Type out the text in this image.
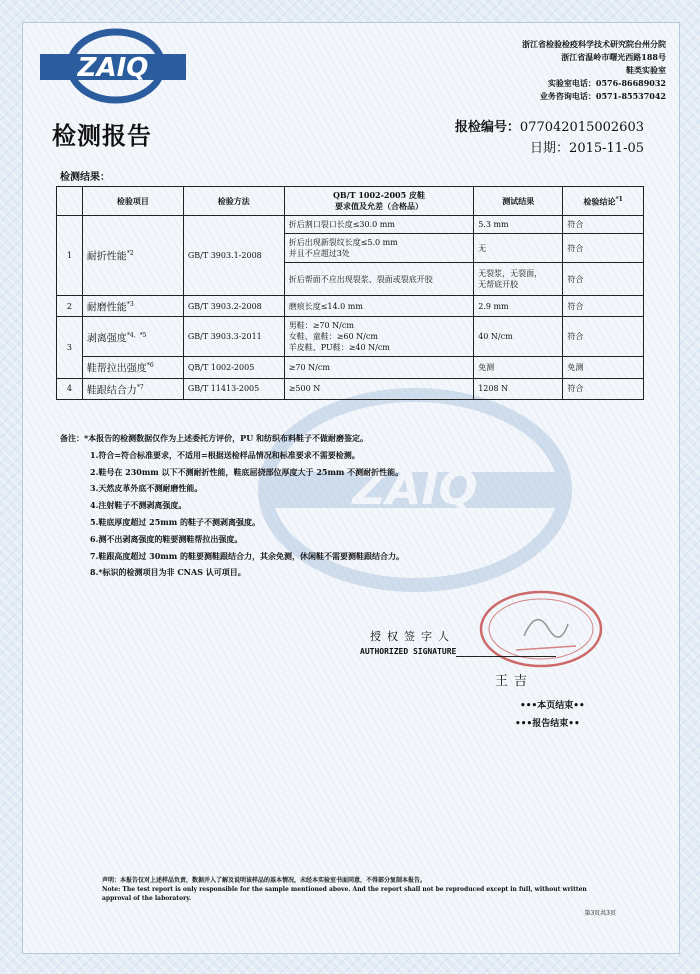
ZAIQ
ZAIQ
浙江省检验检疫科学技术研究院台州分院
浙江省温岭市曙光西路188号
鞋类实验室
实验室电话：0576-86689032
业务咨询电话：0571-85537042
检测报告	报检编号：077042015002603
日期：2015-11-05
检测结果：
	检验项目	检验方法	QB/T 1002-2005 皮鞋
要求值及允差（合格品）	测试结果	检验结论$^{*1}$
1	耐折性能$^{*2}$	GB/T 3903.1-2008	折后割口裂口长度≤30.0 mm	5.3 mm	符合

			折后出现新裂纹长度≤5.0 mm
并且不应超过3处	无	符合
			折后帮面不应出现裂浆、裂面或裂底开胶	无裂浆，无裂面，
无帮底开胶	符合
2	耐磨性能$^{*3}$	GB/T 3903.2-2008	磨痕长度≤14.0 mm	2.9 mm	符合
3	剥离强度$^{*4、*5}$	GB/T 3903.3-2011	男鞋：≥70 N/cm
女鞋、童鞋：≥60 N/cm
羊皮鞋、PU鞋：≥40 N/cm	40 N/cm	符合
	鞋帮拉出强度$^{*6}$	QB/T 1002-2005	≥70 N/cm	免测	免测
4	鞋跟结合力$^{*7}$	GB/T 11413-2005	≥500 N	1208 N	符合
备注：*本报告的检测数据仅作为上述委托方评价，PU 和纺织布料鞋子不做耐磨鉴定。
1.符合=符合标准要求，不适用=根据送检样品情况和标准要求不需要检测。
2.鞋号在 230mm 以下不测耐折性能，鞋底屈挠部位厚度大于 25mm 不测耐折性能。
3.天然皮革外底不测耐磨性能。
4.注射鞋子不测剥离强度。
5.鞋底厚度超过 25mm 的鞋子不测剥离强度。
6.测不出剥离强度的鞋要测鞋帮拉出强度。
7.鞋跟高度超过 30mm 的鞋要测鞋跟结合力，其余免测，休闲鞋不需要测鞋跟结合力。
8.*标识的检测项目为非 CNAS 认可项目。
授权签字人
AUTHORIZED SIGNATURE
王吉
•••本页结束••
•••报告结束••
声明：本报告仅对上述样品负责，数据并入了解及说明该样品的基本情况，未经本实验室书面同意，不得部分复制本报告。
Note: The test report is only responsible for the sample mentioned above. And the report shall not be reproduced except in full, without written approval of the laboratory.
第3页共3页
